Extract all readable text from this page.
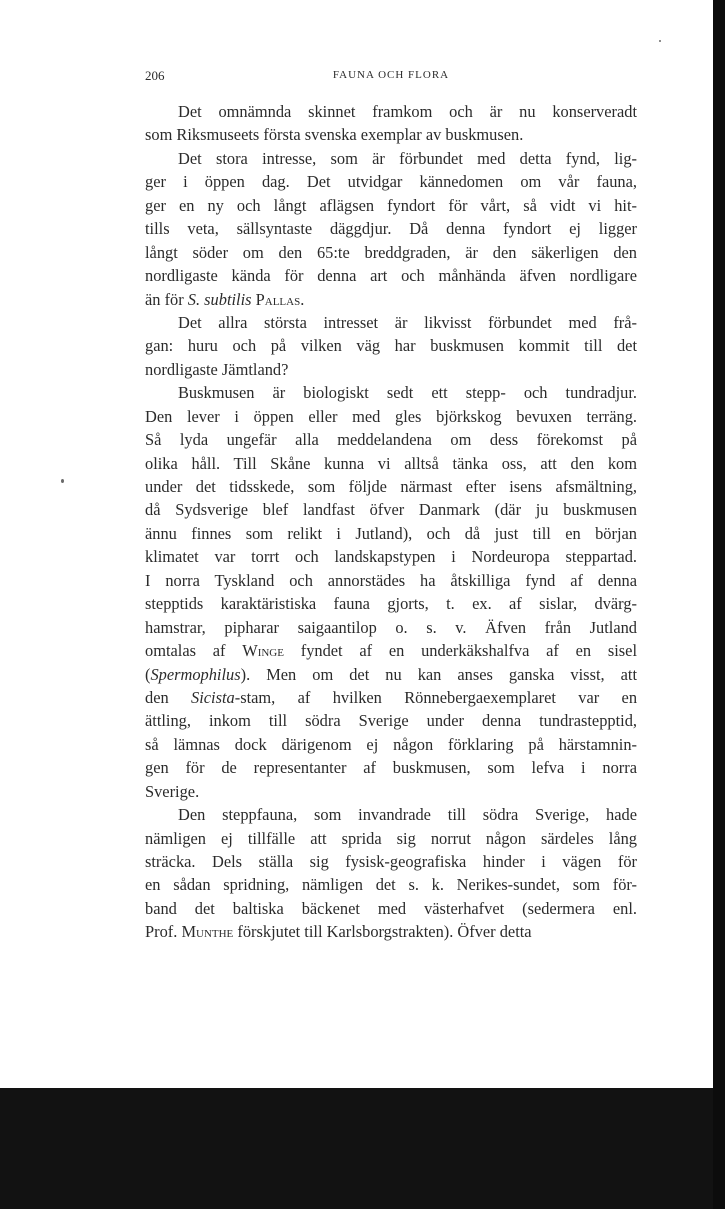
206	FAUNA OCH FLORA
Det omnämnda skinnet framkom och är nu konserveradt
som Riksmuseets första svenska exemplar av buskmusen.
Det stora intresse, som är förbundet med detta fynd, lig-
ger i öppen dag. Det utvidgar kännedomen om vår fauna,
ger en ny och långt aflägsen fyndort för vårt, så vidt vi hit-
tills veta, sällsyntaste däggdjur. Då denna fyndort ej ligger
långt söder om den 65:te breddgraden, är den säkerligen den
nordligaste kända för denna art och månhända äfven nordligare
än för S. subtilis Pallas.
Det allra största intresset är likvisst förbundet med frå-
gan: huru och på vilken väg har buskmusen kommit till det
nordligaste Jämtland?
Buskmusen är biologiskt sedt ett stepp- och tundradjur.
Den lever i öppen eller med gles björkskog bevuxen terräng.
Så lyda ungefär alla meddelandena om dess förekomst på
olika håll. Till Skåne kunna vi alltså tänka oss, att den kom
under det tidsskede, som följde närmast efter isens afsmältning,
då Sydsverige blef landfast öfver Danmark (där ju buskmusen
ännu finnes som relikt i Jutland), och då just till en början
klimatet var torrt och landskapstypen i Nordeuropa steppartad.
I norra Tyskland och annorstädes ha åtskilliga fynd af denna
stepptids karaktäristiska fauna gjorts, t. ex. af sislar, dvärg-
hamstrar, pipharar saigaantilop o. s. v. Äfven från Jutland
omtalas af Winge fyndet af en underkäkshalfva af en sisel
(Spermophilus). Men om det nu kan anses ganska visst, att
den Sicista-stam, af hvilken Rönnebergaexemplaret var en
ättling, inkom till södra Sverige under denna tundrastepptid,
så lämnas dock därigenom ej någon förklaring på härstamnin-
gen för de representanter af buskmusen, som lefva i norra
Sverige.
Den steppfauna, som invandrade till södra Sverige, hade
nämligen ej tillfälle att sprida sig norrut någon särdeles lång
sträcka. Dels ställa sig fysisk-geografiska hinder i vägen för
en sådan spridning, nämligen det s. k. Nerikes-sundet, som för-
band det baltiska bäckenet med västerhafvet (sedermera enl.
Prof. Munthe förskjutet till Karlsborgstrakten). Öfver detta
